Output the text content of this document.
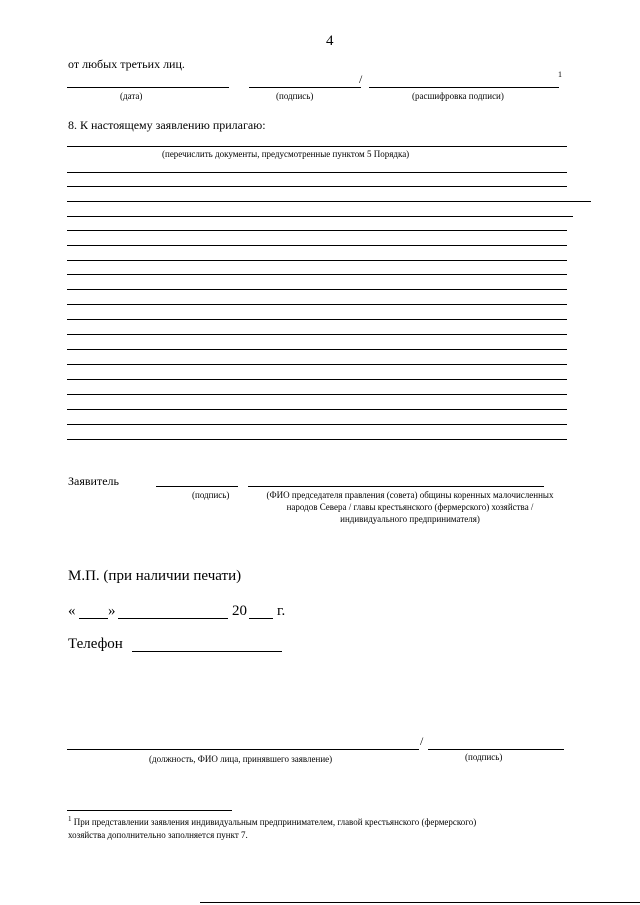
4
от любых третьих лиц.
/	1
(дата)	(подпись)	(расшифровка подписи)
8. К настоящему заявлению прилагаю:
(перечислить документы, предусмотренные пунктом 5 Порядка)
Заявитель
(подпись)	(ФИО председателя правления (совета) общины коренных малочисленных
народов Севера / главы крестьянского (фермерского) хозяйства /
индивидуального предпринимателя)
М.П. (при наличии печати)
« »	20 г.
Телефон
/
(должность, ФИО лица, принявшего заявление)	(подпись)
$^1$ При представлении заявления индивидуальным предпринимателем, главой крестьянского (фермерского)
хозяйства дополнительно заполняется пункт 7.
